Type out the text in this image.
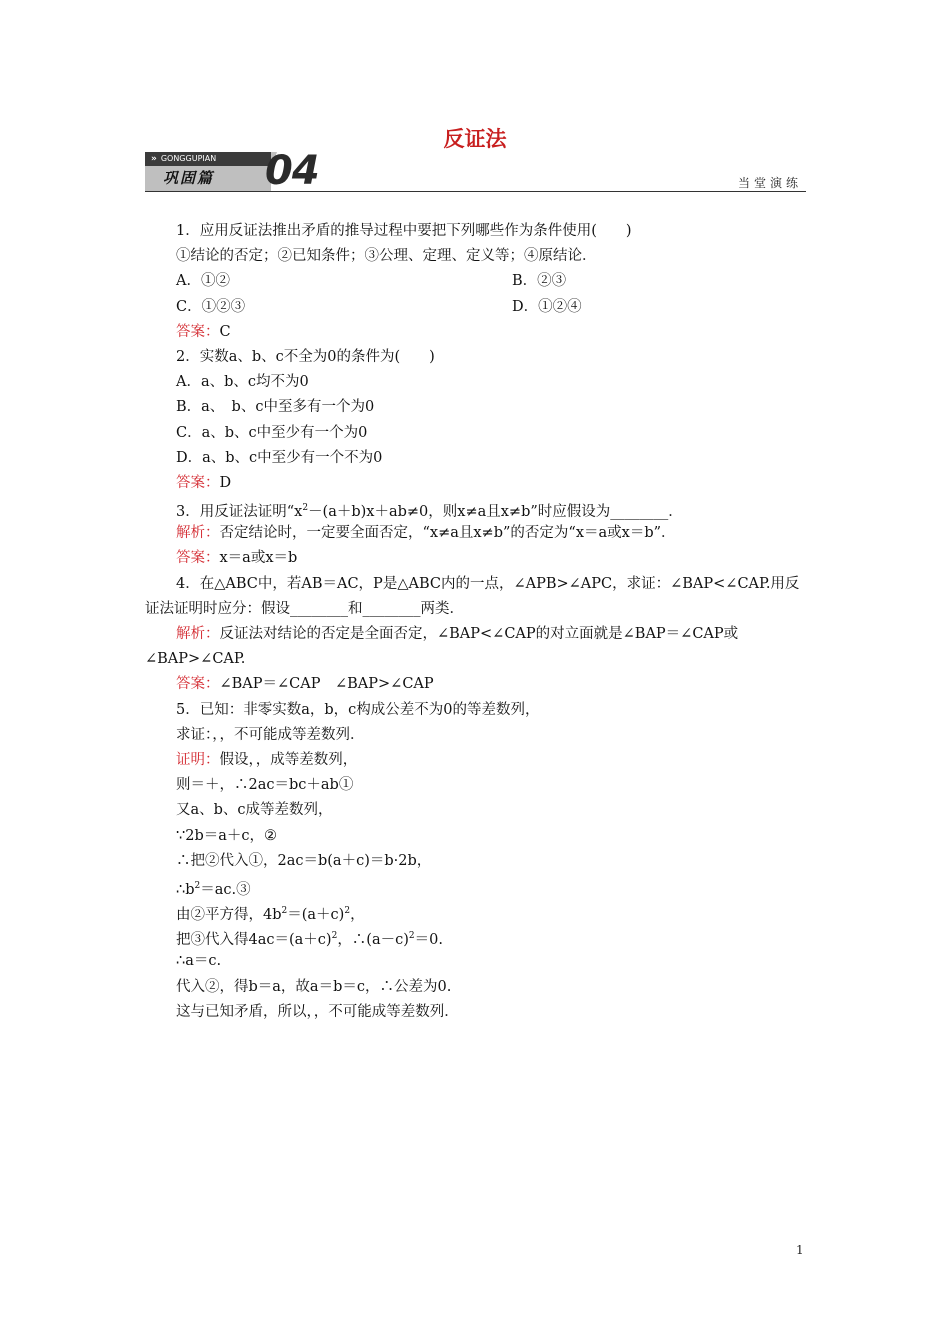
反证法
» GONGGUPIAN
巩固篇	04	当堂演练
1．应用反证法推出矛盾的推导过程中要把下列哪些作为条件使用(　　)
①结论的否定；②已知条件；③公理、定理、定义等；④原结论．
A．①②	B．②③
C．①②③	D．①②④
答案：C
2．实数a、b、c不全为0的条件为(　　)
A．a、b、c均不为0
B．a、　b、c中至多有一个为0
C．a、b、c中至少有一个为0
D．a、b、c中至少有一个不为0
答案：D
3．用反证法证明“$x^2-(a+b)x+ab\ne 0$，则x≠a且x≠b”时应假设为________．
解析：否定结论时，一定要全面否定，“x≠a且x≠b”的否定为“x＝a或x＝b”．
答案：x＝a或x＝b
4．在△ABC中，若AB＝AC，P是△ABC内的一点，∠APB>∠APC，求证：∠BAP<∠CAP.用反
证法证明时应分：假设________和________两类．
解析：反证法对结论的否定是全面否定，∠BAP<∠CAP的对立面就是∠BAP＝∠CAP或
∠BAP>∠CAP.
答案：∠BAP＝∠CAP　∠BAP>∠CAP
5．已知：非零实数a，b，c构成公差不为0的等差数列，
求证：，，不可能成等差数列．
证明：假设，，成等差数列，
则＝＋，∴2ac＝bc＋ab①
又a、b、c成等差数列，
∵2b＝a＋c，②
∴把②代入①，2ac＝b(a＋c)＝b·2b，
$\therefore b^2=ac.③$
由②平方得，$4b^2=(a+c)^2$，
把③代入得$4ac=(a+c)^2$，$\therefore(a-c)^2=0$.
∴a＝c.
代入②，得b＝a，故a＝b＝c，∴公差为0.
这与已知矛盾，所以，，不可能成等差数列．
1
